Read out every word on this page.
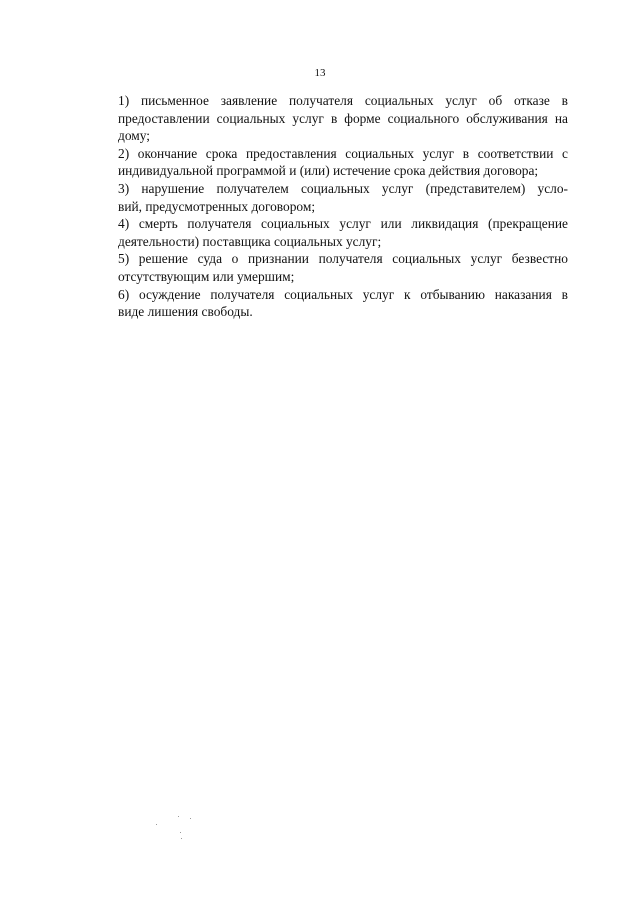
13

1) письменное заявление получателя социальных услуг об отказе в
предоставлении социальных услуг в форме социального обслуживания на
дому;

2) окончание срока предоставления социальных услуг в соответствии с
индивидуальной программой и (или) истечение срока действия договора;

3) нарушение получателем социальных услуг (представителем) усло-
вий, предусмотренных договором;

4) смерть получателя социальных услуг или ликвидация (прекращение
деятельности) поставщика социальных услуг;

5) решение суда о признании получателя социальных услуг безвестно
отсутствующим или умершим;

6) осуждение получателя социальных услуг к отбыванию наказания в
виде лишения свободы.
